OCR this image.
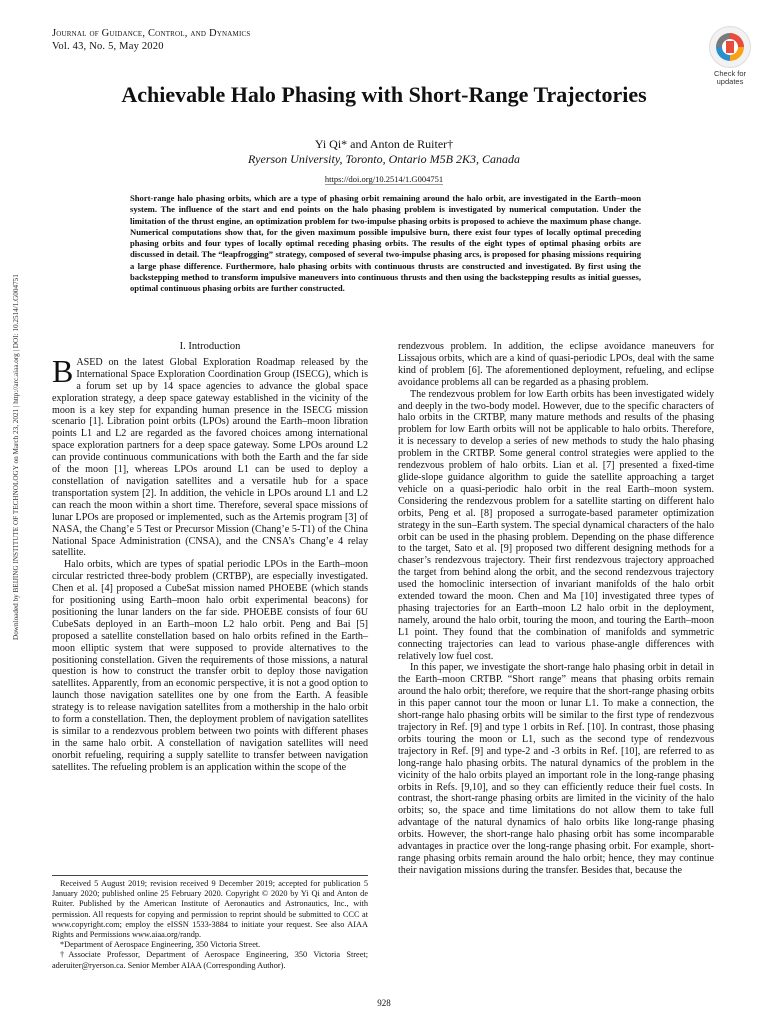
Journal of Guidance, Control, and Dynamics
Vol. 43, No. 5, May 2020
Check for updates
Achievable Halo Phasing with Short-Range Trajectories
Yi Qi* and Anton de Ruiter†
Ryerson University, Toronto, Ontario M5B 2K3, Canada
https://doi.org/10.2514/1.G004751
Short-range halo phasing orbits, which are a type of phasing orbit remaining around the halo orbit, are investigated in the Earth–moon system. The influence of the start and end points on the halo phasing problem is investigated by numerical computation. Under the limitation of the thrust engine, an optimization problem for two-impulse phasing orbits is proposed to achieve the maximum phase change. Numerical computations show that, for the given maximum possible impulsive burn, there exist four types of locally optimal preceding phasing orbits and four types of locally optimal receding phasing orbits. The results of the eight types of optimal phasing orbits are discussed in detail. The “leapfrogging” strategy, composed of several two-impulse phasing arcs, is proposed for phasing missions requiring a large phase difference. Furthermore, halo phasing orbits with continuous thrusts are constructed and investigated. By first using the backstepping method to transform impulsive maneuvers into continuous thrusts and then using the backstepping results as initial guesses, optimal continuous phasing orbits are further constructed.
Downloaded by BEIJING INSTITUTE OF TECHNOLOGY on March 23, 2021 | http://arc.aiaa.org | DOI: 10.2514/1.G004751	I. Introduction

BASED on the latest Global Exploration Roadmap released by the International Space Exploration Coordination Group (ISECG), which is a forum set up by 14 space agencies to advance the global space exploration strategy, a deep space gateway established in the vicinity of the moon is a key step for expanding human presence in the ISECG mission scenario [1]. Libration point orbits (LPOs) around the Earth–moon libration points L1 and L2 are regarded as the favored choices among international space exploration partners for a deep space gateway. Some LPOs around L2 can provide continuous communications with both the Earth and the far side of the moon [1], whereas LPOs around L1 can be used to deploy a constellation of navigation satellites and a versatile hub for a space transportation system [2]. In addition, the vehicle in LPOs around L1 and L2 can reach the moon within a short time. Therefore, several space missions of lunar LPOs are proposed or implemented, such as the Artemis program [3] of NASA, the Chang’e 5 Test or Precursor Mission (Chang’e 5-T1) of the China National Space Administration (CNSA), and the CNSA’s Chang’e 4 relay satellite.

Halo orbits, which are types of spatial periodic LPOs in the Earth–moon circular restricted three-body problem (CRTBP), are especially investigated. Chen et al. [4] proposed a CubeSat mission named PHOEBE (which stands for positioning using Earth–moon halo orbit experimental beacons) for positioning the lunar landers on the far side. PHOEBE consists of four 6U CubeSats deployed in an Earth–moon L2 halo orbit. Peng and Bai [5] proposed a satellite constellation based on halo orbits refined in the Earth–moon elliptic system that were supposed to provide alternatives to the positioning constellation. Given the requirements of those missions, a natural question is how to construct the transfer orbit to deploy those navigation satellites. Apparently, from an economic perspective, it is not a good option to launch those navigation satellites one by one from the Earth. A feasible strategy is to release navigation satellites from a mothership in the halo orbit to form a constellation. Then, the deployment problem of navigation satellites is similar to a rendezvous problem between two points with different phases in the same halo orbit. A constellation of navigation satellites will need onorbit refueling, requiring a supply satellite to transfer between navigation satellites. The refueling problem is an application within the scope of the

rendezvous problem. In addition, the eclipse avoidance maneuvers for Lissajous orbits, which are a kind of quasi-periodic LPOs, deal with the same kind of problem [6]. The aforementioned deployment, refueling, and eclipse avoidance problems all can be regarded as a phasing problem.

The rendezvous problem for low Earth orbits has been investigated widely and deeply in the two-body model. However, due to the specific characters of halo orbits in the CRTBP, many mature methods and results of the phasing problem for low Earth orbits will not be applicable to halo orbits. Therefore, it is necessary to develop a series of new methods to study the halo phasing problem in the CRTBP. Some general control strategies were applied to the rendezvous problem of halo orbits. Lian et al. [7] presented a fixed-time glide-slope guidance algorithm to guide the satellite approaching a target vehicle on a quasi-periodic halo orbit in the real Earth–moon system. Considering the rendezvous problem for a satellite starting on different halo orbits, Peng et al. [8] proposed a surrogate-based parameter optimization strategy in the sun–Earth system. The special dynamical characters of the halo orbit can be used in the phasing problem. Depending on the phase difference to the target, Sato et al. [9] proposed two different designing methods for a chaser’s rendezvous trajectory. Their first rendezvous trajectory approached the target from behind along the orbit, and the second rendezvous trajectory used the homoclinic intersection of invariant manifolds of the halo orbit extended toward the moon. Chen and Ma [10] investigated three types of phasing trajectories for an Earth–moon L2 halo orbit in the deployment, namely, around the halo orbit, touring the moon, and touring the Earth–moon L1 point. They found that the combination of manifolds and symmetric connecting trajectories can lead to various phase-angle differences with relatively low fuel cost.

In this paper, we investigate the short-range halo phasing orbit in detail in the Earth–moon CRTBP. “Short range” means that phasing orbits remain around the halo orbit; therefore, we require that the short-range phasing orbits in this paper cannot tour the moon or lunar L1. To make a connection, the short-range halo phasing orbits will be similar to the first type of rendezvous trajectory in Ref. [9] and type 1 orbits in Ref. [10]. In contrast, those phasing orbits touring the moon or L1, such as the second type of rendezvous trajectory in Ref. [9] and type-2 and -3 orbits in Ref. [10], are referred to as long-range halo phasing orbits. The natural dynamics of the problem in the vicinity of the halo orbits played an important role in the long-range phasing orbits in Refs. [9,10], and so they can efficiently reduce their fuel costs. In contrast, the short-range phasing orbits are limited in the vicinity of the halo orbits; so, the space and time limitations do not allow them to take full advantage of the natural dynamics of halo orbits like long-range phasing orbits. However, the short-range halo phasing orbit has some incomparable advantages in practice over the long-range phasing orbit. For example, short-range phasing orbits remain around the halo orbit; hence, they may continue their navigation missions during the transfer. Besides that, because the

Received 5 August 2019; revision received 9 December 2019; accepted for publication 5 January 2020; published online 25 February 2020. Copyright © 2020 by Yi Qi and Anton de Ruiter. Published by the American Institute of Aeronautics and Astronautics, Inc., with permission. All requests for copying and permission to reprint should be submitted to CCC at www.copyright.com; employ the eISSN 1533-3884 to initiate your request. See also AIAA Rights and Permissions www.aiaa.org/randp.

*Department of Aerospace Engineering, 350 Victoria Street.

†Associate Professor, Department of Aerospace Engineering, 350 Victoria Street; aderuiter@ryerson.ca. Senior Member AIAA (Corresponding Author).

928
